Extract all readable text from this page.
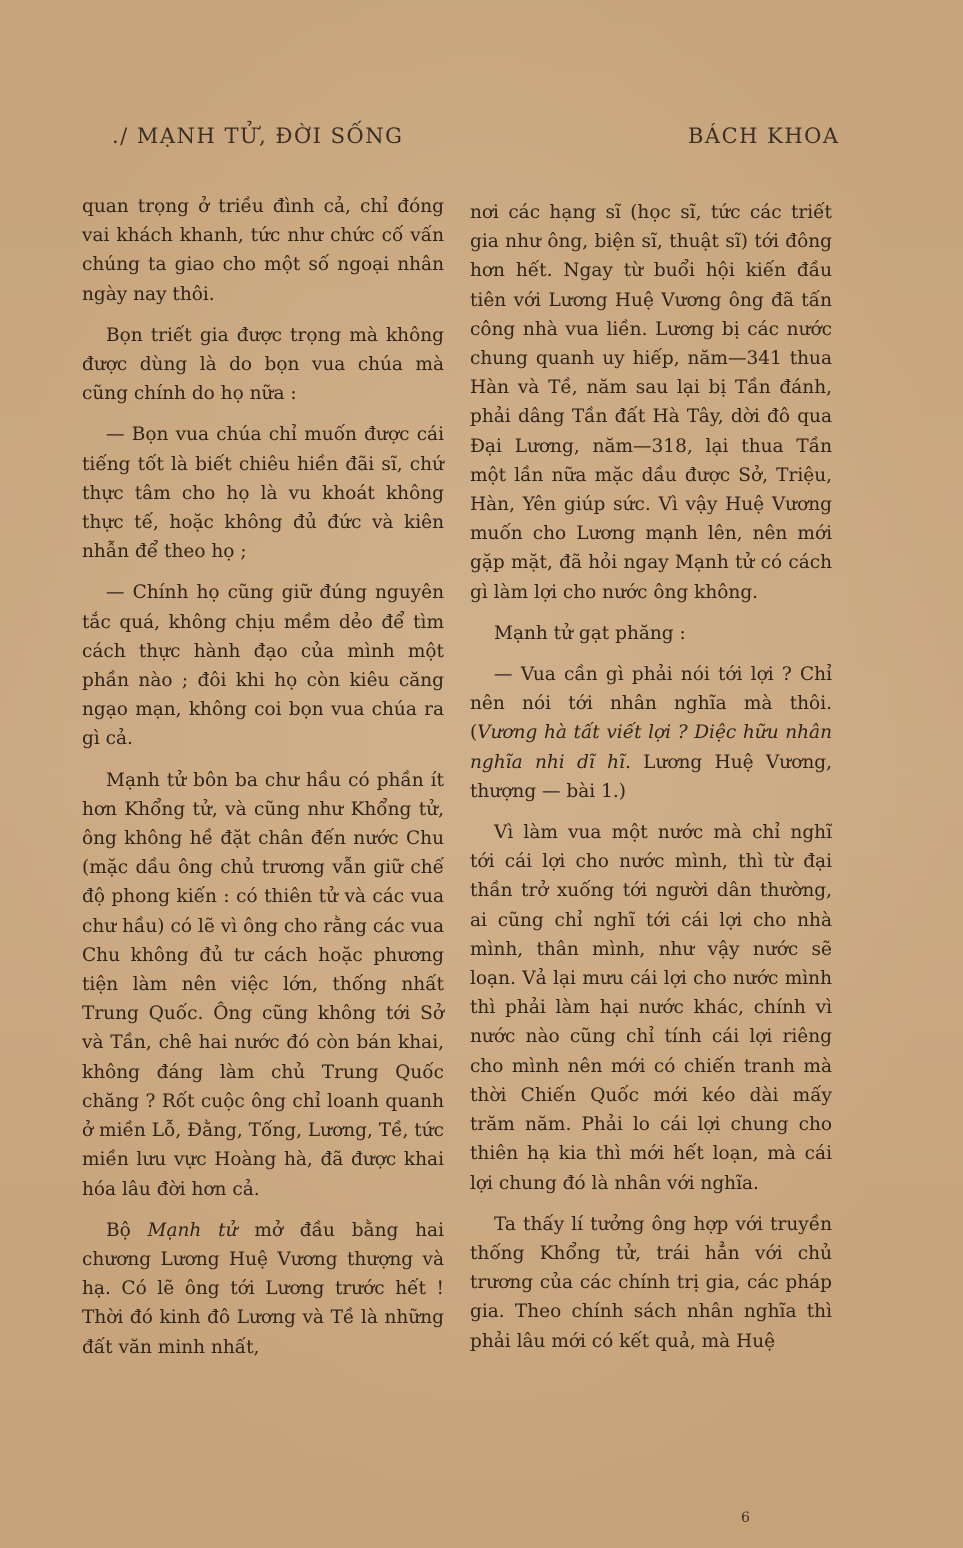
./ MẠNH TỬ, ĐỜI SỐNG	BÁCH KHOA

quan trọng ở triều đình cả, chỉ đóng vai khách khanh, tức như chức cố vấn chúng ta giao cho một số ngoại nhân ngày nay thôi.

Bọn triết gia được trọng mà không được dùng là do bọn vua chúa mà cũng chính do họ nữa :

— Bọn vua chúa chỉ muốn được cái tiếng tốt là biết chiêu hiền đãi sĩ, chứ thực tâm cho họ là vu khoát không thực tế, hoặc không đủ đức và kiên nhẫn để theo họ ;

— Chính họ cũng giữ đúng nguyên tắc quá, không chịu mềm dẻo để tìm cách thực hành đạo của mình một phần nào ; đôi khi họ còn kiêu căng ngạo mạn, không coi bọn vua chúa ra gì cả.

Mạnh tử bôn ba chư hầu có phần ít hơn Khổng tử, và cũng như Khổng tử, ông không hề đặt chân đến nước Chu (mặc dầu ông chủ trương vẫn giữ chế độ phong kiến : có thiên tử và các vua chư hầu) có lẽ vì ông cho rằng các vua Chu không đủ tư cách hoặc phương tiện làm nên việc lớn, thống nhất Trung Quốc. Ông cũng không tới Sở và Tần, chê hai nước đó còn bán khai, không đáng làm chủ Trung Quốc chăng ? Rốt cuộc ông chỉ loanh quanh ở miền Lỗ, Đằng, Tống, Lương, Tề, tức miền lưu vực Hoàng hà, đã được khai hóa lâu đời hơn cả.

Bộ Mạnh tử mở đầu bằng hai chương Lương Huệ Vương thượng và hạ. Có lẽ ông tới Lương trước hết ! Thời đó kinh đô Lương và Tề là những đất văn minh nhất,

nơi các hạng sĩ (học sĩ, tức các triết gia như ông, biện sĩ, thuật sĩ) tới đông hơn hết. Ngay từ buổi hội kiến đầu tiên với Lương Huệ Vương ông đã tấn công nhà vua liền. Lương bị các nước chung quanh uy hiếp, năm—341 thua Hàn và Tề, năm sau lại bị Tần đánh, phải dâng Tần đất Hà Tây, dời đô qua Đại Lương, năm—318, lại thua Tần một lần nữa mặc dầu được Sở, Triệu, Hàn, Yên giúp sức. Vì vậy Huệ Vương muốn cho Lương mạnh lên, nên mới gặp mặt, đã hỏi ngay Mạnh tử có cách gì làm lợi cho nước ông không.

Mạnh tử gạt phăng :

— Vua cần gì phải nói tới lợi ? Chỉ nên nói tới nhân nghĩa mà thôi. (Vương hà tất viết lợi ? Diệc hữu nhân nghĩa nhi dĩ hĩ. Lương Huệ Vương, thượng — bài 1.)

Vì làm vua một nước mà chỉ nghĩ tới cái lợi cho nước mình, thì từ đại thần trở xuống tới người dân thường, ai cũng chỉ nghĩ tới cái lợi cho nhà mình, thân mình, như vậy nước sẽ loạn. Vả lại mưu cái lợi cho nước mình thì phải làm hại nước khác, chính vì nước nào cũng chỉ tính cái lợi riêng cho mình nên mới có chiến tranh mà thời Chiến Quốc mới kéo dài mấy trăm năm. Phải lo cái lợi chung cho thiên hạ kia thì mới hết loạn, mà cái lợi chung đó là nhân với nghĩa.

Ta thấy lí tưởng ông hợp với truyền thống Khổng tử, trái hẳn với chủ trương của các chính trị gia, các pháp gia. Theo chính sách nhân nghĩa thì phải lâu mới có kết quả, mà Huệ

6
